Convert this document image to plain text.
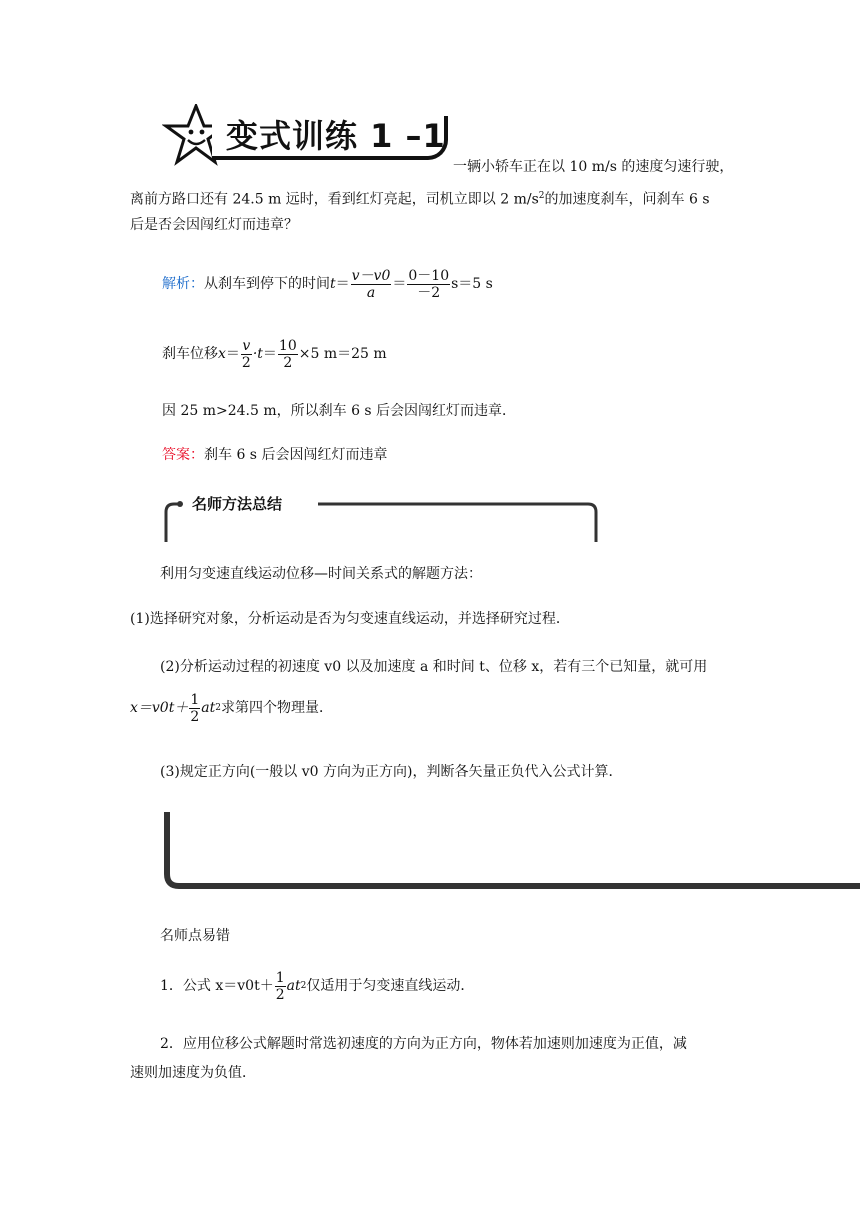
变式训练 1 –1
一辆小轿车正在以 10 m/s 的速度匀速行驶，
离前方路口还有 24.5 m 远时，看到红灯亮起，司机立即以 2 $m/s^2$的加速度刹车，问刹车 6 s
后是否会因闯红灯而违章？
解析： 从刹车到停下的时间 $t = \frac{v-v0}{a} = \frac{0-10}{-2} s=5$ s
刹车位移 $x = \frac{v}{2} \cdot t = \frac{10}{2} \times 5$ m＝25 m
因 25 m>24.5 m，所以刹车 6 s 后会因闯红灯而违章．
答案：刹车 6 s 后会因闯红灯而违章
名师方法总结
利用匀变速直线运动位移—时间关系式的解题方法：
(1)选择研究对象，分析运动是否为匀变速直线运动，并选择研究过程．
(2)分析运动过程的初速度 v0 以及加速度 a 和时间 t、位移 x，若有三个已知量，就可用
$x=v0t+ \frac{1}{2}$ at 2 求第四个物理量．
(3)规定正方向(一般以 v0 方向为正方向)，判断各矢量正负代入公式计算．
名师点易错
1．公式 $x=v0t+ \frac{1}{2}$ at 2 仅适用于匀变速直线运动．
2．应用位移公式解题时常选初速度的方向为正方向，物体若加速则加速度为正值，减
速则加速度为负值．
